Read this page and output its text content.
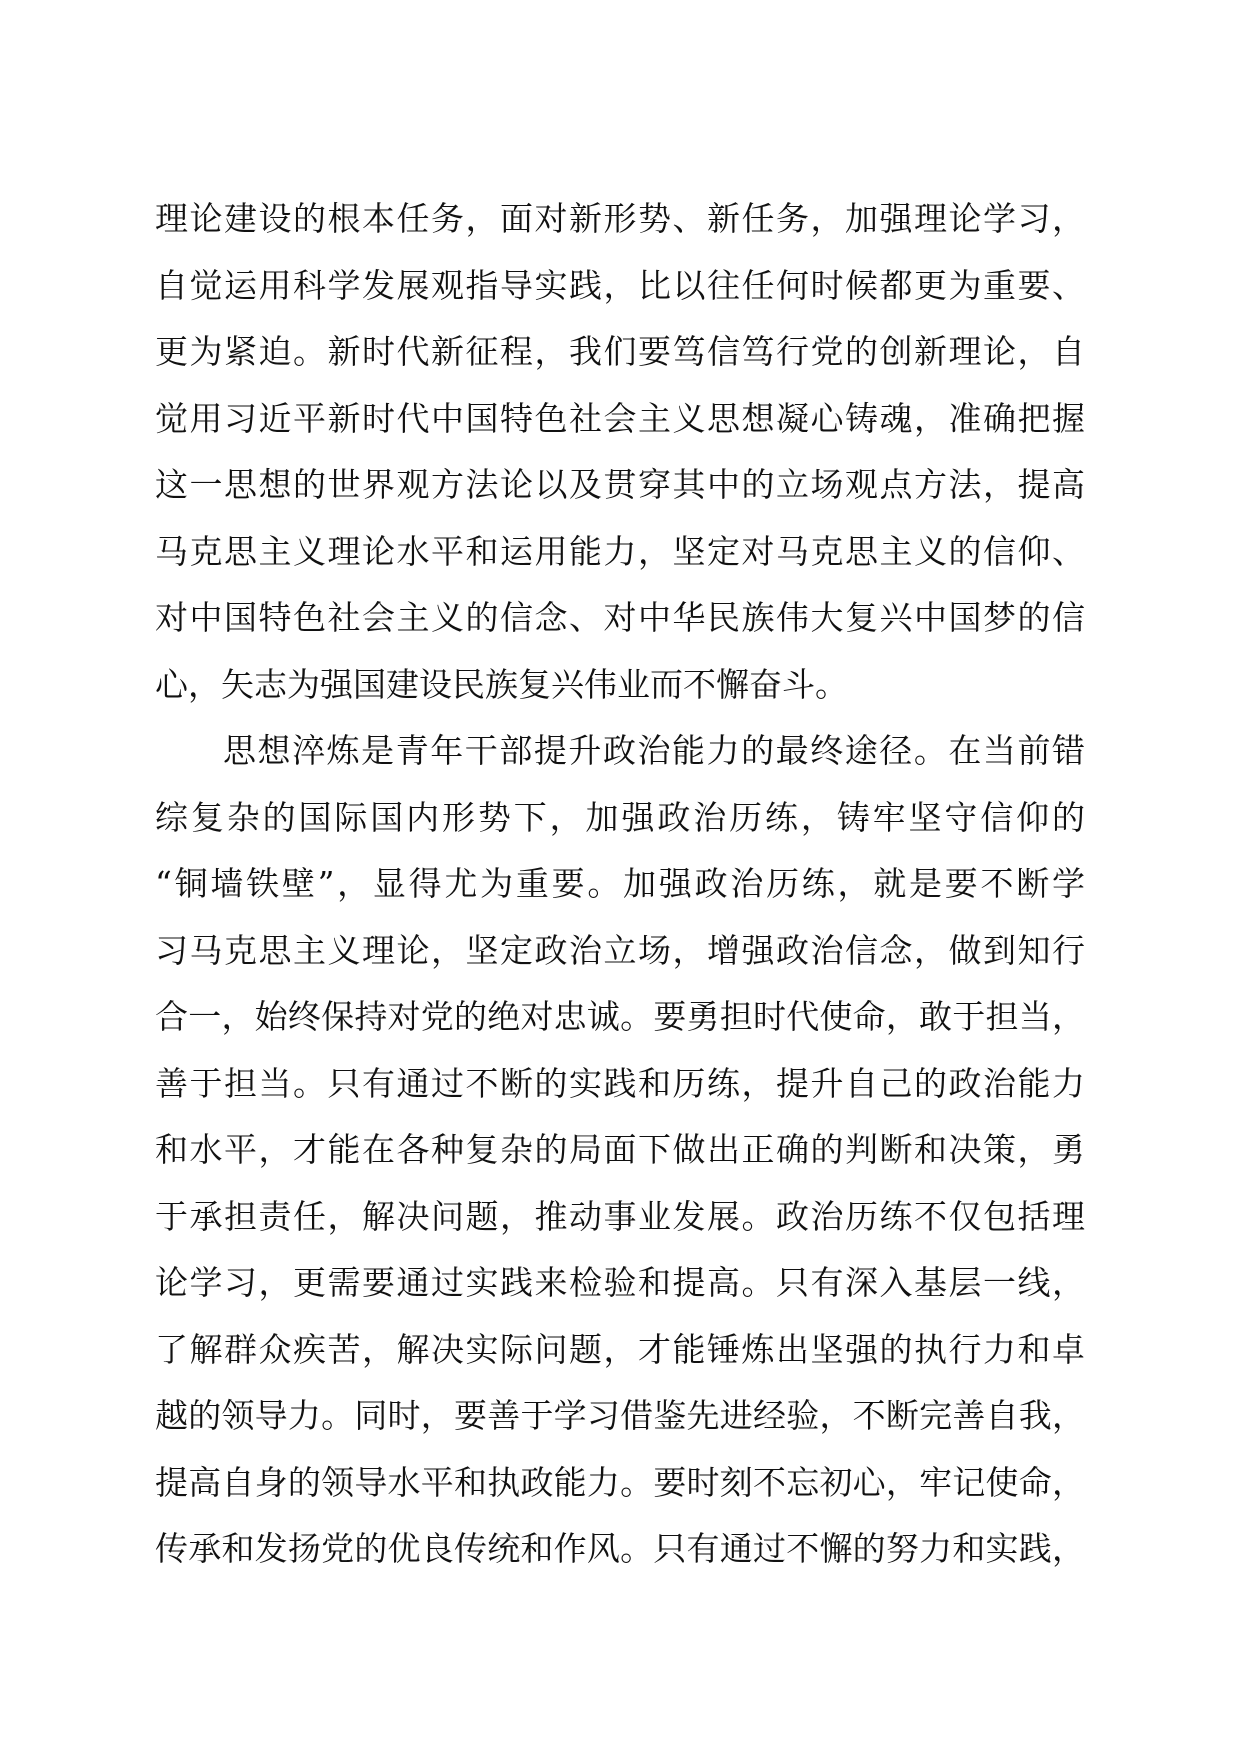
理论建设的根本任务，面对新形势、新任务，加强理论学习，
自觉运用科学发展观指导实践，比以往任何时候都更为重要、
更为紧迫。新时代新征程，我们要笃信笃行党的创新理论，自
觉用习近平新时代中国特色社会主义思想凝心铸魂，准确把握
这一思想的世界观方法论以及贯穿其中的立场观点方法，提高
马克思主义理论水平和运用能力，坚定对马克思主义的信仰、
对中国特色社会主义的信念、对中华民族伟大复兴中国梦的信
心，矢志为强国建设民族复兴伟业而不懈奋斗。
思想淬炼是青年干部提升政治能力的最终途径。在当前错
综复杂的国际国内形势下，加强政治历练，铸牢坚守信仰的
“铜墙铁壁”，显得尤为重要。加强政治历练，就是要不断学
习马克思主义理论，坚定政治立场，增强政治信念，做到知行
合一，始终保持对党的绝对忠诚。要勇担时代使命，敢于担当，
善于担当。只有通过不断的实践和历练，提升自己的政治能力
和水平，才能在各种复杂的局面下做出正确的判断和决策，勇
于承担责任，解决问题，推动事业发展。政治历练不仅包括理
论学习，更需要通过实践来检验和提高。只有深入基层一线，
了解群众疾苦，解决实际问题，才能锤炼出坚强的执行力和卓
越的领导力。同时，要善于学习借鉴先进经验，不断完善自我，
提高自身的领导水平和执政能力。要时刻不忘初心，牢记使命，
传承和发扬党的优良传统和作风。只有通过不懈的努力和实践，
